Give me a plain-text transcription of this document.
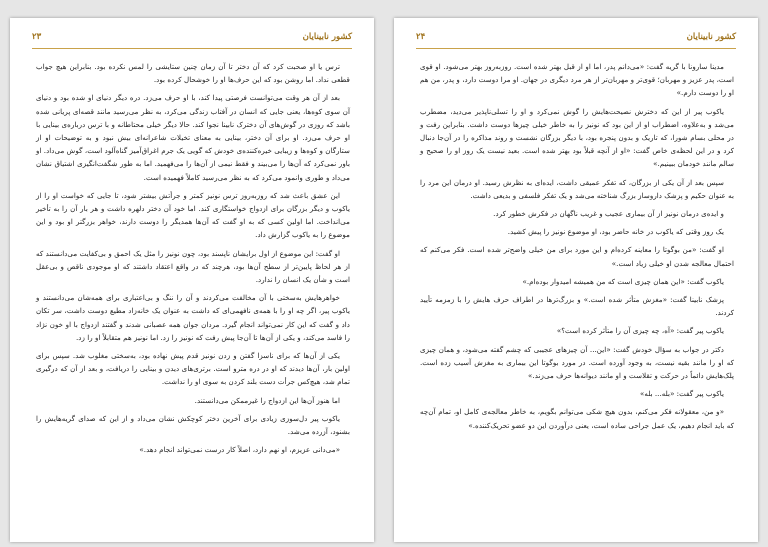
۲۳	کشور نابینایان

ترس یا او صحبت کرد که آن دختر تا آن زمان چنین ستایشی را لمس نکرده بود. بنابراین هیچ جواب قطعی نداد. اما روشن بود که این حرف‌ها او را خوشحال کرده بود.

بعد از آن هر وقت می‌توانست فرصتی پیدا کند، با او حرف می‌زد. دره دیگر دنیای او شده بود و دنیای آن سوی کوه‌ها، یعنی جایی که انسان در آفتاب زندگی می‌کرد، به نظر می‌رسید مانند قصه‌ای پریانی شده باشد که روزی در گوش‌های آن دخترک نابینا نجوا کند. حالا دیگر خیلی محتاطانه و با ترس درباره‌ی بینایی با او حرف می‌زد. او برای آن دختر، بینایی به معنای تخیلات شاعرانه‌ای بیش نبود و به توضیحات او از ستارگان و کوه‌ها و زیبایی خیره‌کننده‌ی خودش که گویی یک جرم اغراق‌آمیز گناه‌آلود است، گوش می‌داد. او باور نمی‌کرد که آن‌ها را می‌بیند و فقط نیمی از آن‌ها را می‌فهمید. اما به طور شگفت‌انگیزی اشتیاق نشان می‌داد و طوری وانمود می‌کرد که به نظر می‌رسید کاملاً فهمیده است.

این عشق باعث شد که روزبه‌روز ترس نونیز کمتر و جرأتش بیشتر شود، تا جایی که خواست او را از یاکوب و دیگر بزرگان برای ازدواج خواستگاری کند. اما خود آن دختر دلهره داشت و هر بار آن را به تأخیر می‌انداخت. اما اولین کسی که به او گفت که آن‌ها همدیگر را دوست دارند، خواهر بزرگتر او بود و این موضوع را به یاکوب گزارش داد.

او گفت: این موضوع از اول برایشان ناپسند بود، چون نونیز را مثل یک احمق و بی‌کفایت می‌دانستند که از هر لحاظ پایین‌تر از سطح آن‌ها بود، هرچند که در واقع اعتقاد داشتند که او موجودی ناقص و بی‌عقل است و شأن یک انسان را ندارد.

خواهرهایش به‌سختی با آن مخالفت می‌کردند و آن را ننگ و بی‌اعتباری برای همه‌شان می‌دانستند و یاکوب پیر، اگر چه او را با همه‌ی نافهمی‌ای که داشت به عنوان یک خانه‌زاد مطیع دوست داشت، سر تکان داد و گفت که این کار نمی‌تواند انجام گیرد. مردان جوان همه عصبانی شدند و گفتند ازدواج با او خون نژاد را فاسد می‌کند، و یکی از آن‌ها تا آن‌جا پیش رفت که نونیز را زد. اما نونیز هم متقابلاً او را زد.

یکی از آن‌ها که برای ناسزا گفتن و زدن نونیز قدم پیش نهاده بود، به‌سختی مغلوب شد. سپس برای اولین بار، آن‌ها دیدند که او در دره مترو است. برتری‌های دیدن و بینایی را دریافت، و بعد از آن که درگیری تمام شد، هیچ‌کس جرأت دست بلند کردن به سوی او را نداشت.

اما هنوز آن‌ها این ازدواج را غیرممکن می‌دانستند.

یاکوب پیر دل‌سوزی زیادی برای آخرین دختر کوچکش نشان می‌داد و از این که صدای گریه‌هایش را بشنود، آزرده می‌شد.

«می‌دانی عزیزم، او نهم دارد، اصلاً کار درست نمی‌تواند انجام دهد.»

۲۴	کشور نابینایان

مدینا سارونا با گریه گفت: «می‌دانم پدر، اما او از قبل بهتر شده است. روزبه‌روز بهتر می‌شود. او قوی است، پدر عزیز و مهربان؛ قوی‌تر و مهربان‌تر از هر مرد دیگری در جهان. او مرا دوست دارد، و پدر، من هم او را دوست دارم.»

یاکوب پیر از این که دخترش نصیحت‌هایش را گوش نمی‌کرد و او را تسلی‌ناپذیر می‌دید، مضطرب می‌شد و به‌علاوه، اضطراب او از این بود که نونیز را به خاطر خیلی چیزها دوست داشت. بنابراین رفت و در محلی بسام شورا، که تاریک و بدون پنجره بود، با دیگر بزرگان نشست و روند مذاکره را در آن‌جا دنبال کرد و در این لحظه‌ی خاص گفت: «او از آنچه قبلاً بود بهتر شده است. بعید نیست یک روز او را صحیح و سالم مانند خودمان ببینیم.»

سپس بعد از آن یکی از بزرگان، که تفکر عمیقی داشت، ایده‌ای به نظرش رسید. او درمان این مرد را به عنوان حکیم و پزشک داروساز بزرگ شناخته می‌شد و یک تفکر فلسفی و بدیعی داشت.

و ایده‌ی درمان نونیز از آن بیماری عجیب و غریب ناگهان در فکرش خطور کرد.

یک روز وقتی که یاکوب در خانه حاضر بود، او موضوع نونیز را پیش کشید.

او گفت: «من بوگوتا را معاینه کرده‌ام و این مورد برای من خیلی واضح‌تر شده است. فکر می‌کنم که احتمال معالجه شدن او خیلی زیاد است.»

یاکوب گفت: «این همان چیزی است که من همیشه امیدوار بوده‌ام.»

پزشک نابینا گفت: «مغزش متأثر شده است.» و بزرگ‌ترها در اطراف حرف هایش را با زمزمه تأیید کردند.

یاکوب پیر گفت: «آه، چه چیزی آن را متأثر کرده است؟»

دکتر در جواب به سؤال خودش گفت: «این... آن چیزهای عجیبی که چشم گفته می‌شود، و همان چیزی که او را مانند بقیه نیست، به وجود آورده است. در مورد بوگوتا این بیماری به مغزش آسیب زده است. پلک‌هایش دائماً در حرکت و تقلاست و او مانند دیوانه‌ها حرف می‌زند.»

یاکوب پیر گفت: «بله... بله»

«و من، معقولانه فکر می‌کنم، بدون هیچ شکی می‌توانم بگویم، به خاطر معالجه‌ی کامل او، تمام آن‌چه که باید انجام دهیم، یک عمل جراحی ساده است، یعنی درآوردن این دو عضو تحریک‌کننده.»
